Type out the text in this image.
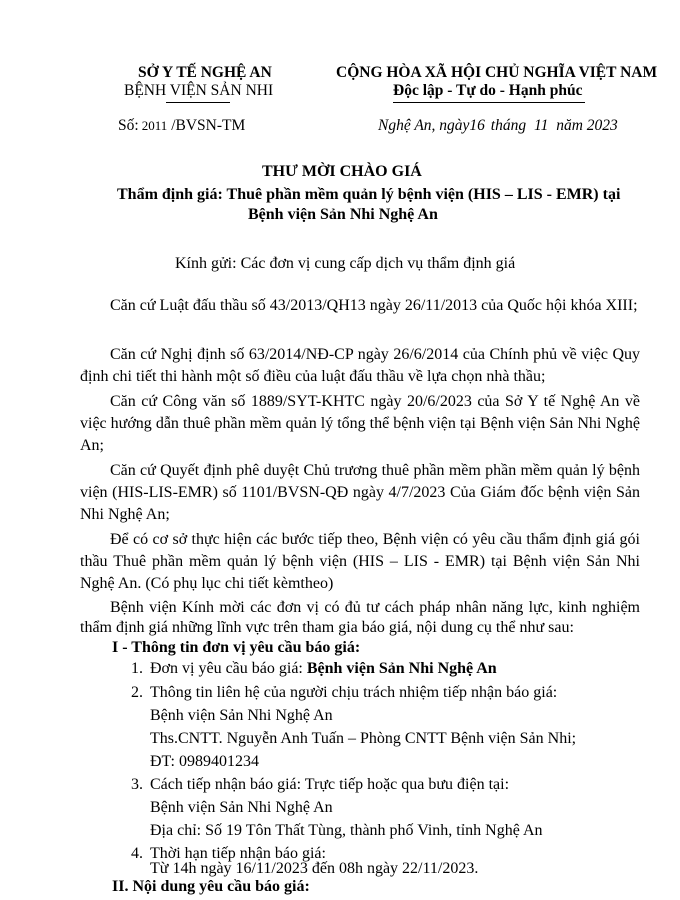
SỞ Y TẾ NGHỆ AN
BỆNH VIỆN SẢN NHI
CỘNG HÒA XÃ HỘI CHỦ NGHĨA VIỆT NAM
Độc lập - Tự do - Hạnh phúc
Số: 2011 /BVSN-TM	Nghệ An, ngày16 tháng 11 năm 2023
THƯ MỜI CHÀO GIÁ
Thẩm định giá: Thuê phần mềm quản lý bệnh viện (HIS – LIS - EMR) tại
Bệnh viện Sản Nhi Nghệ An
Kính gửi: Các đơn vị cung cấp dịch vụ thẩm định giá
Căn cứ Luật đấu thầu số 43/2013/QH13 ngày 26/11/2013 của Quốc hội khóa XIII;
Căn cứ Nghị định số 63/2014/NĐ-CP ngày 26/6/2014 của Chính phủ về việc Quy định chi tiết thi hành một số điều của luật đấu thầu về lựa chọn nhà thầu;
Căn cứ Công văn số 1889/SYT-KHTC ngày 20/6/2023 của Sở Y tế Nghệ An về việc hướng dẫn thuê phần mềm quản lý tổng thể bệnh viện tại Bệnh viện Sản Nhi Nghệ An;
Căn cứ Quyết định phê duyệt Chủ trương thuê phần mềm phần mềm quản lý bệnh viện (HIS-LIS-EMR) số 1101/BVSN-QĐ ngày 4/7/2023 Của Giám đốc bệnh viện Sản Nhi Nghệ An;
Để có cơ sở thực hiện các bước tiếp theo, Bệnh viện có yêu cầu thẩm định giá gói thầu Thuê phần mềm quản lý bệnh viện (HIS – LIS - EMR) tại Bệnh viện Sản Nhi Nghệ An. (Có phụ lục chi tiết kèmtheo)
Bệnh viện Kính mời các đơn vị có đủ tư cách pháp nhân năng lực, kinh nghiệm thẩm định giá những lĩnh vực trên tham gia báo giá, nội dung cụ thể như sau:
I - Thông tin đơn vị yêu cầu báo giá:
1. Đơn vị yêu cầu báo giá: Bệnh viện Sản Nhi Nghệ An
2. Thông tin liên hệ của người chịu trách nhiệm tiếp nhận báo giá:
Bệnh viện Sản Nhi Nghệ An
Ths.CNTT. Nguyễn Anh Tuấn – Phòng CNTT Bệnh viện Sản Nhi;
ĐT: 0989401234
3. Cách tiếp nhận báo giá: Trực tiếp hoặc qua bưu điện tại:
Bệnh viện Sản Nhi Nghệ An
Địa chỉ: Số 19 Tôn Thất Tùng, thành phố Vinh, tỉnh Nghệ An
4. Thời hạn tiếp nhận báo giá:
Từ 14h ngày 16/11/2023 đến 08h ngày 22/11/2023.
II. Nội dung yêu cầu báo giá:
